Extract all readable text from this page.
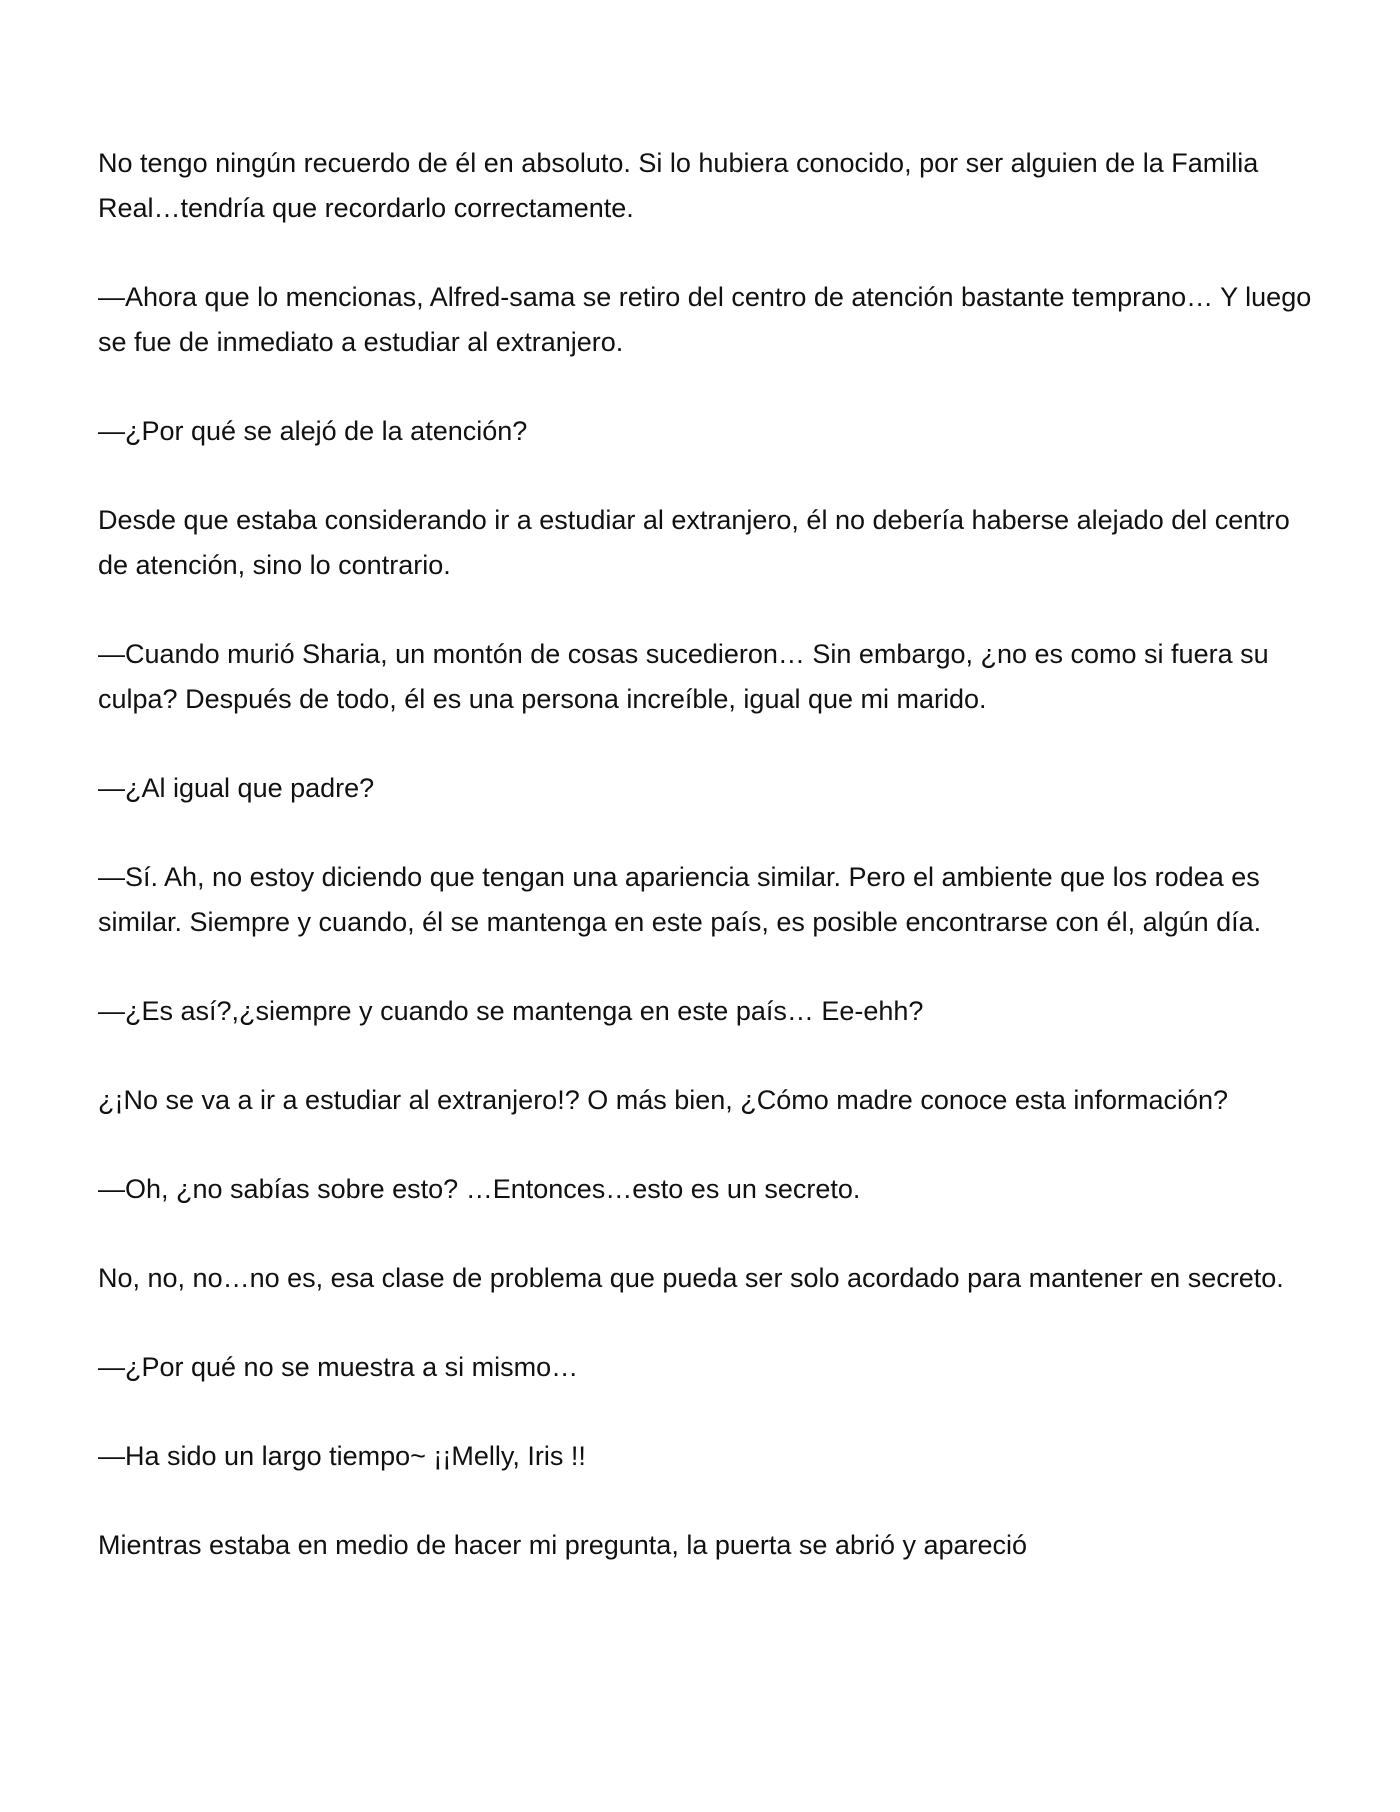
No tengo ningún recuerdo de él en absoluto. Si lo hubiera conocido, por ser alguien de la Familia Real…tendría que recordarlo correctamente.

—Ahora que lo mencionas, Alfred-sama se retiro del centro de atención bastante temprano… Y luego se fue de inmediato a estudiar al extranjero.

—¿Por qué se alejó de la atención?

Desde que estaba considerando ir a estudiar al extranjero, él no debería haberse alejado del centro de atención, sino lo contrario.

—Cuando murió Sharia, un montón de cosas sucedieron… Sin embargo, ¿no es como si fuera su culpa? Después de todo, él es una persona increíble, igual que mi marido.

—¿Al igual que padre?

—Sí. Ah, no estoy diciendo que tengan una apariencia similar. Pero el ambiente que los rodea es similar. Siempre y cuando, él se mantenga en este país, es posible encontrarse con él, algún día.

—¿Es así?,¿siempre y cuando se mantenga en este país… Ee-ehh?

¿¡No se va a ir a estudiar al extranjero!? O más bien, ¿Cómo madre conoce esta información?

—Oh, ¿no sabías sobre esto? …Entonces…esto es un secreto.

No, no, no…no es, esa clase de problema que pueda ser solo acordado para mantener en secreto.

—¿Por qué no se muestra a si mismo…

—Ha sido un largo tiempo~ ¡¡Melly, Iris !!

Mientras estaba en medio de hacer mi pregunta, la puerta se abrió y apareció
